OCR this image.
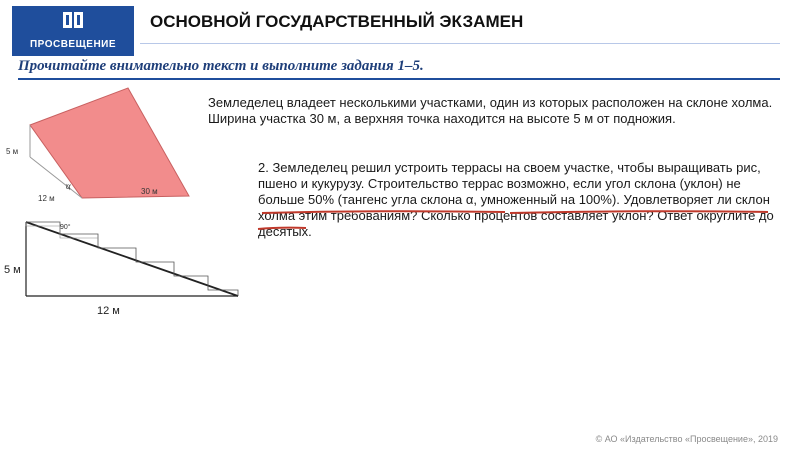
ПРОСВЕЩЕНИЕ
ОСНОВНОЙ ГОСУДАРСТВЕННЫЙ ЭКЗАМЕН
Прочитайте внимательно текст и выполните задания 1–5.
5 м
12 м
30 м
α
90°
5 м
12 м
Земледелец владеет несколькими участками, один из которых расположен на склоне холма. Ширина участка 30 м, а верхняя точка находится на высоте 5 м от подножия.
2. Земледелец решил устроить террасы на своем участке, чтобы выращивать рис, пшено и кукурузу. Строительство террас возможно, если угол склона (уклон) не больше 50% (тангенс угла склона α, умноженный на 100%). Удовлетворяет ли склон холма этим требованиям? Сколько процентов составляет уклон? Ответ округлите до десятых.
© АО «Издательство «Просвещение», 2019
